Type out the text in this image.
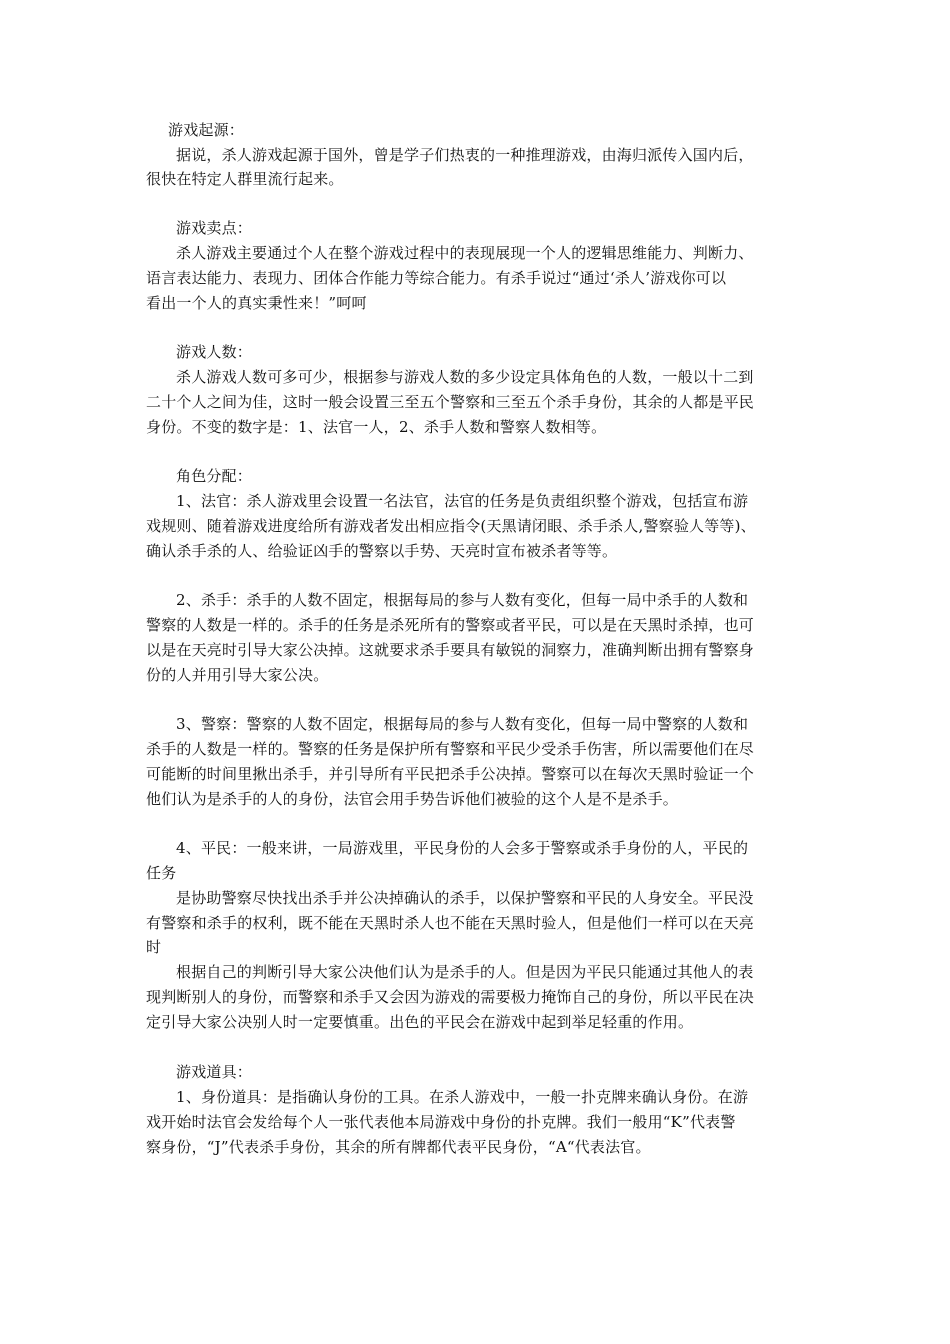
游戏起源：
据说，杀人游戏起源于国外，曾是学子们热衷的一种推理游戏，由海归派传入国内后，
很快在特定人群里流行起来。
游戏卖点：
杀人游戏主要通过个人在整个游戏过程中的表现展现一个人的逻辑思维能力、判断力、
语言表达能力、表现力、团体合作能力等综合能力。有杀手说过“通过‘杀人’游戏你可以
看出一个人的真实秉性来！”呵呵
游戏人数：
杀人游戏人数可多可少，根据参与游戏人数的多少设定具体角色的人数，一般以十二到
二十个人之间为佳，这时一般会设置三至五个警察和三至五个杀手身份，其余的人都是平民
身份。不变的数字是：1、法官一人，2、杀手人数和警察人数相等。
角色分配：
1、法官：杀人游戏里会设置一名法官，法官的任务是负责组织整个游戏，包括宣布游
戏规则、随着游戏进度给所有游戏者发出相应指令(天黑请闭眼、杀手杀人,警察验人等等)、
确认杀手杀的人、给验证凶手的警察以手势、天亮时宣布被杀者等等。
2、杀手：杀手的人数不固定，根据每局的参与人数有变化，但每一局中杀手的人数和
警察的人数是一样的。杀手的任务是杀死所有的警察或者平民，可以是在天黑时杀掉，也可
以是在天亮时引导大家公决掉。这就要求杀手要具有敏锐的洞察力，准确判断出拥有警察身
份的人并用引导大家公决。
3、警察：警察的人数不固定，根据每局的参与人数有变化，但每一局中警察的人数和
杀手的人数是一样的。警察的任务是保护所有警察和平民少受杀手伤害，所以需要他们在尽
可能断的时间里揪出杀手，并引导所有平民把杀手公决掉。警察可以在每次天黑时验证一个
他们认为是杀手的人的身份，法官会用手势告诉他们被验的这个人是不是杀手。
4、平民：一般来讲，一局游戏里，平民身份的人会多于警察或杀手身份的人，平民的
任务
是协助警察尽快找出杀手并公决掉确认的杀手，以保护警察和平民的人身安全。平民没
有警察和杀手的权利，既不能在天黑时杀人也不能在天黑时验人，但是他们一样可以在天亮
时
根据自己的判断引导大家公决他们认为是杀手的人。但是因为平民只能通过其他人的表
现判断别人的身份，而警察和杀手又会因为游戏的需要极力掩饰自己的身份，所以平民在决
定引导大家公决别人时一定要慎重。出色的平民会在游戏中起到举足轻重的作用。
游戏道具：
1、身份道具：是指确认身份的工具。在杀人游戏中，一般一扑克牌来确认身份。在游
戏开始时法官会发给每个人一张代表他本局游戏中身份的扑克牌。我们一般用“K”代表警
察身份，“J”代表杀手身份，其余的所有牌都代表平民身份，“A“代表法官。
